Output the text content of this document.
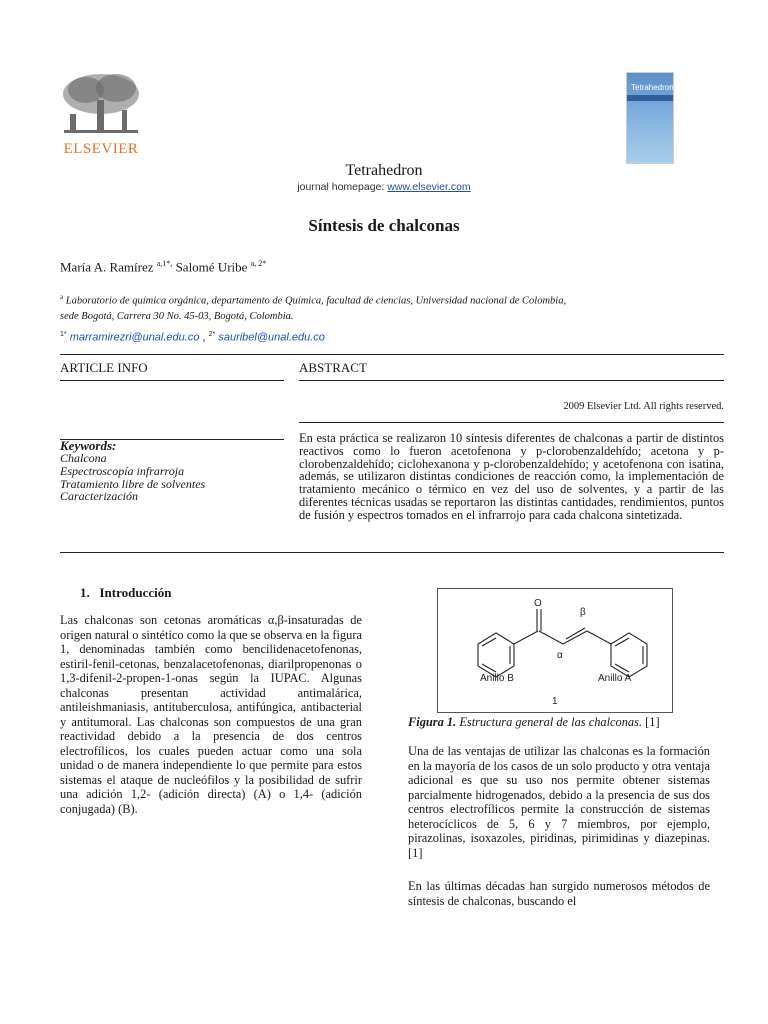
ELSEVIER
Tetrahedron
Tetrahedron
journal homepage: www.elsevier.com
Síntesis de chalconas
María A. Ramírez $^{a,1*,}$ Salomé Uribe $^{a, 2*}$
$^a$ Laboratorio de química orgánica, departamento de Química, facultad de ciencias, Universidad nacional de Colombia,
sede Bogotá, Carrera 30 No. 45-03, Bogotá, Colombia.
$^{1*}$ marramirezri@unal.edu.co , $^{2*}$ sauribel@unal.edu.co
ARTICLE INFO	ABSTRACT
2009 Elsevier Ltd. All rights reserved.
Keywords:
Chalcona
Espectroscopía infrarroja
Tratamiento libre de solventes
Caracterización
En esta práctica se realizaron 10 síntesis diferentes de chalconas a partir de distintos reactivos como lo fueron acetofenona y p-clorobenzaldehído; acetona y p-clorobenzaldehído; ciclohexanona y p-clorobenzaldehído; y acetofenona con isatina, además, se utilizaron distintas condiciones de reacción como, la implementación de tratamiento mecánico o térmico en vez del uso de solventes, y a partir de las diferentes técnicas usadas se reportaron las distintas cantidades, rendimientos, puntos de fusión y espectros tomados en el infrarrojo para cada chalcona sintetizada.
1.   Introducción
Las chalconas son cetonas aromáticas α,β-insaturadas de origen natural o sintético como la que se observa en la figura 1, denominadas también como bencilidenacetofenonas, estiril-fenil-cetonas, benzalacetofenonas, diarilpropenonas o 1,3-difenil-2-propen-1-onas según la IUPAC. Algunas chalconas presentan actividad antimalárica, antileishmaniasis, antituberculosa, antifúngica, antibacterial y antitumoral. Las chalconas son compuestos de una gran reactividad debido a la presencia de dos centros electrofílicos, los cuales pueden actuar como una sola unidad o de manera independiente lo que permite para estos sistemas el ataque de nucleófilos y la posibilidad de sufrir una adición 1,2- (adición directa) (A) o 1,4- (adición conjugada) (B).
O
β
α
Anillo B	Anillo A
1
Figura 1. Estructura general de las chalconas. [1]
Una de las ventajas de utilizar las chalconas es la formación en la mayoría de los casos de un solo producto y otra ventaja adicional es que su uso nos permite obtener sistemas parcialmente hidrogenados, debido a la presencia de sus dos centros electrofílicos permite la construcción de sistemas heterocíclicos de 5, 6 y 7 miembros, por ejemplo, pirazolinas, isoxazoles, piridinas, pirimidinas y diazepinas.[1]
En las últimas décadas han surgido numerosos métodos de síntesis de chalconas, buscando el
